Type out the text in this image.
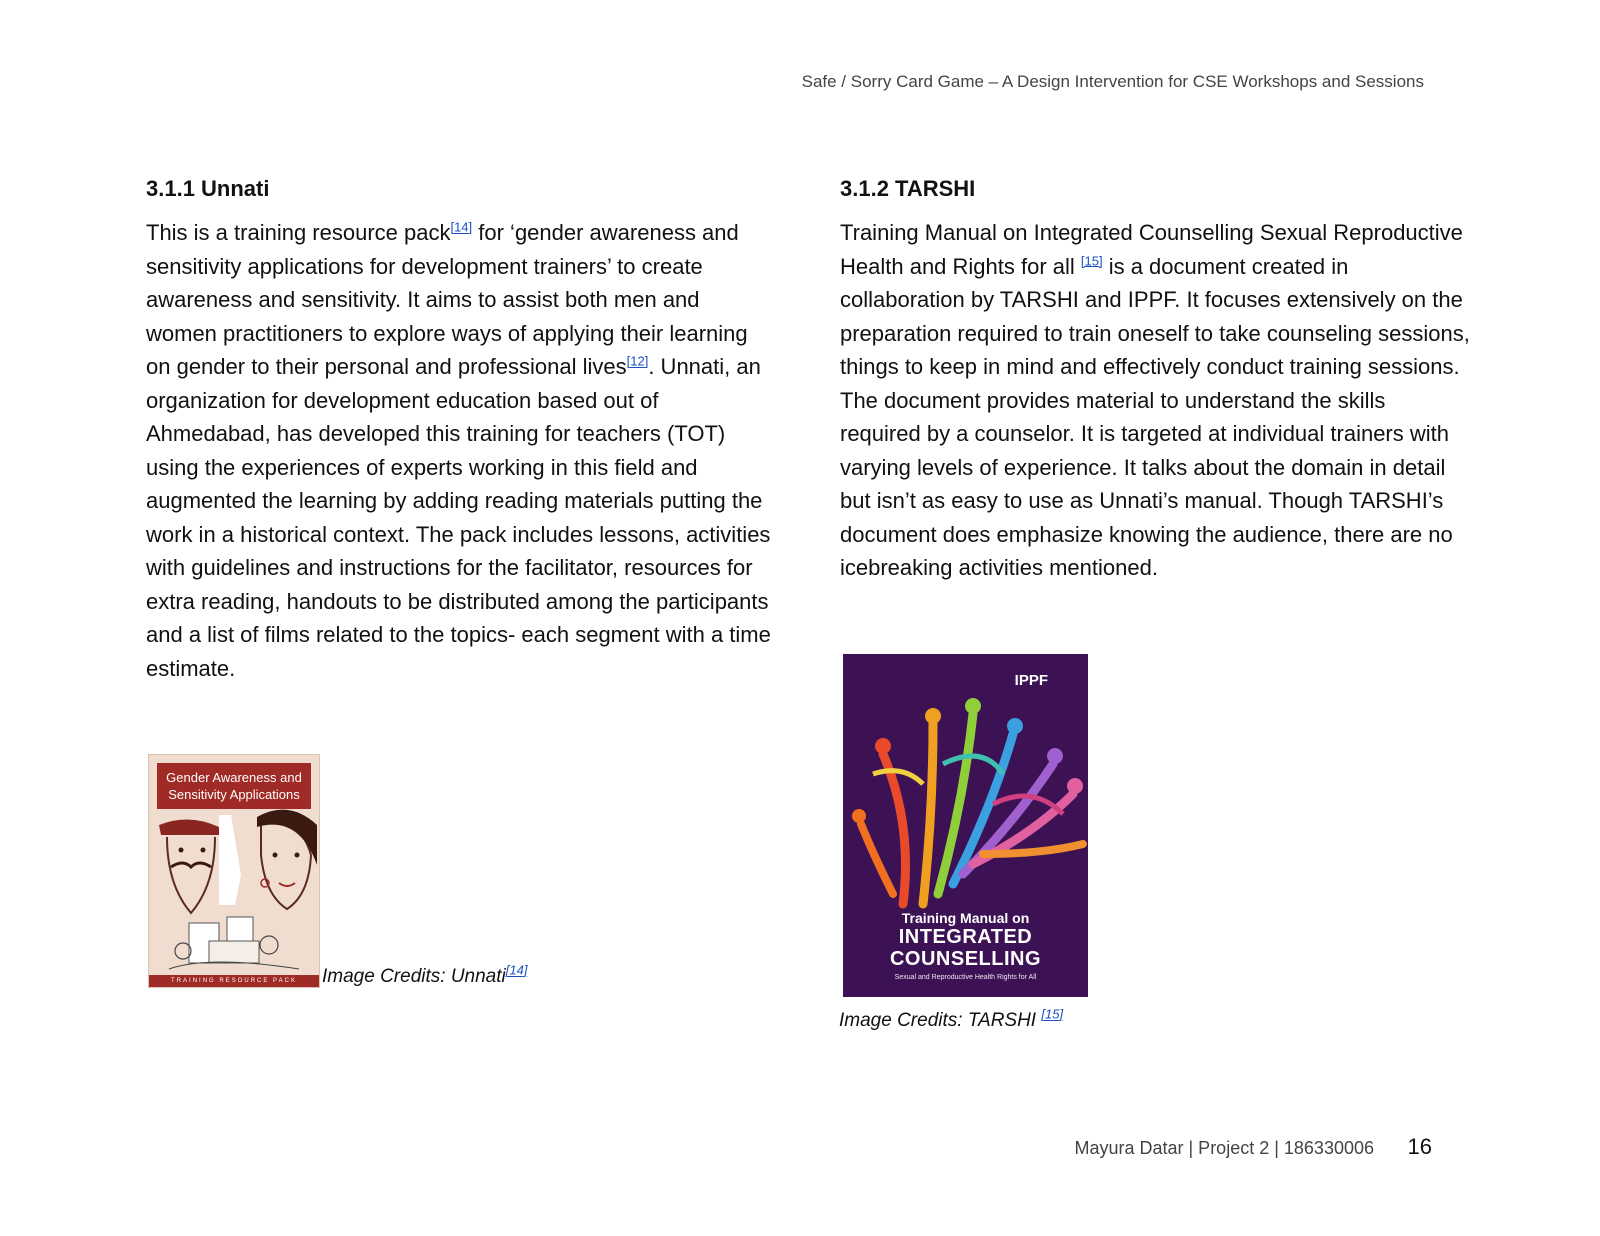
Safe / Sorry Card Game – A Design Intervention for CSE Workshops and Sessions
3.1.1 Unnati

This is a training resource pack[14] for ‘gender awareness and sensitivity applications for development trainers’ to create awareness and sensitivity. It aims to assist both men and women practitioners to explore ways of applying their learning on gender to their personal and professional lives[12]. Unnati, an organization for development education based out of Ahmedabad, has developed this training for teachers (TOT) using the experiences of experts working in this field and augmented the learning by adding reading materials putting the work in a historical context. The pack includes lessons, activities with guidelines and instructions for the facilitator, resources for extra reading, handouts to be distributed among the participants and a list of films related to the topics- each segment with a time estimate.

Gender Awareness and Sensitivity Applications
TRAINING RESOURCE PACK	Image Credits: Unnati[14]
3.1.2 TARSHI

Training Manual on Integrated Counselling Sexual Reproductive Health and Rights for all [15] is a document created in collaboration by TARSHI and IPPF. It focuses extensively on the preparation required to train oneself to take counseling sessions, things to keep in mind and effectively conduct training sessions. The document provides material to understand the skills required by a counselor. It is targeted at individual trainers with varying levels of experience. It talks about the domain in detail but isn’t as easy to use as Unnati’s manual. Though TARSHI’s document does emphasize knowing the audience, there are no icebreaking activities mentioned.

IPPF
Training Manual on
INTEGRATED
COUNSELLING
Sexual and Reproductive Health Rights for All
Image Credits: TARSHI [15]
Mayura Datar | Project 2 | 186330006 16
